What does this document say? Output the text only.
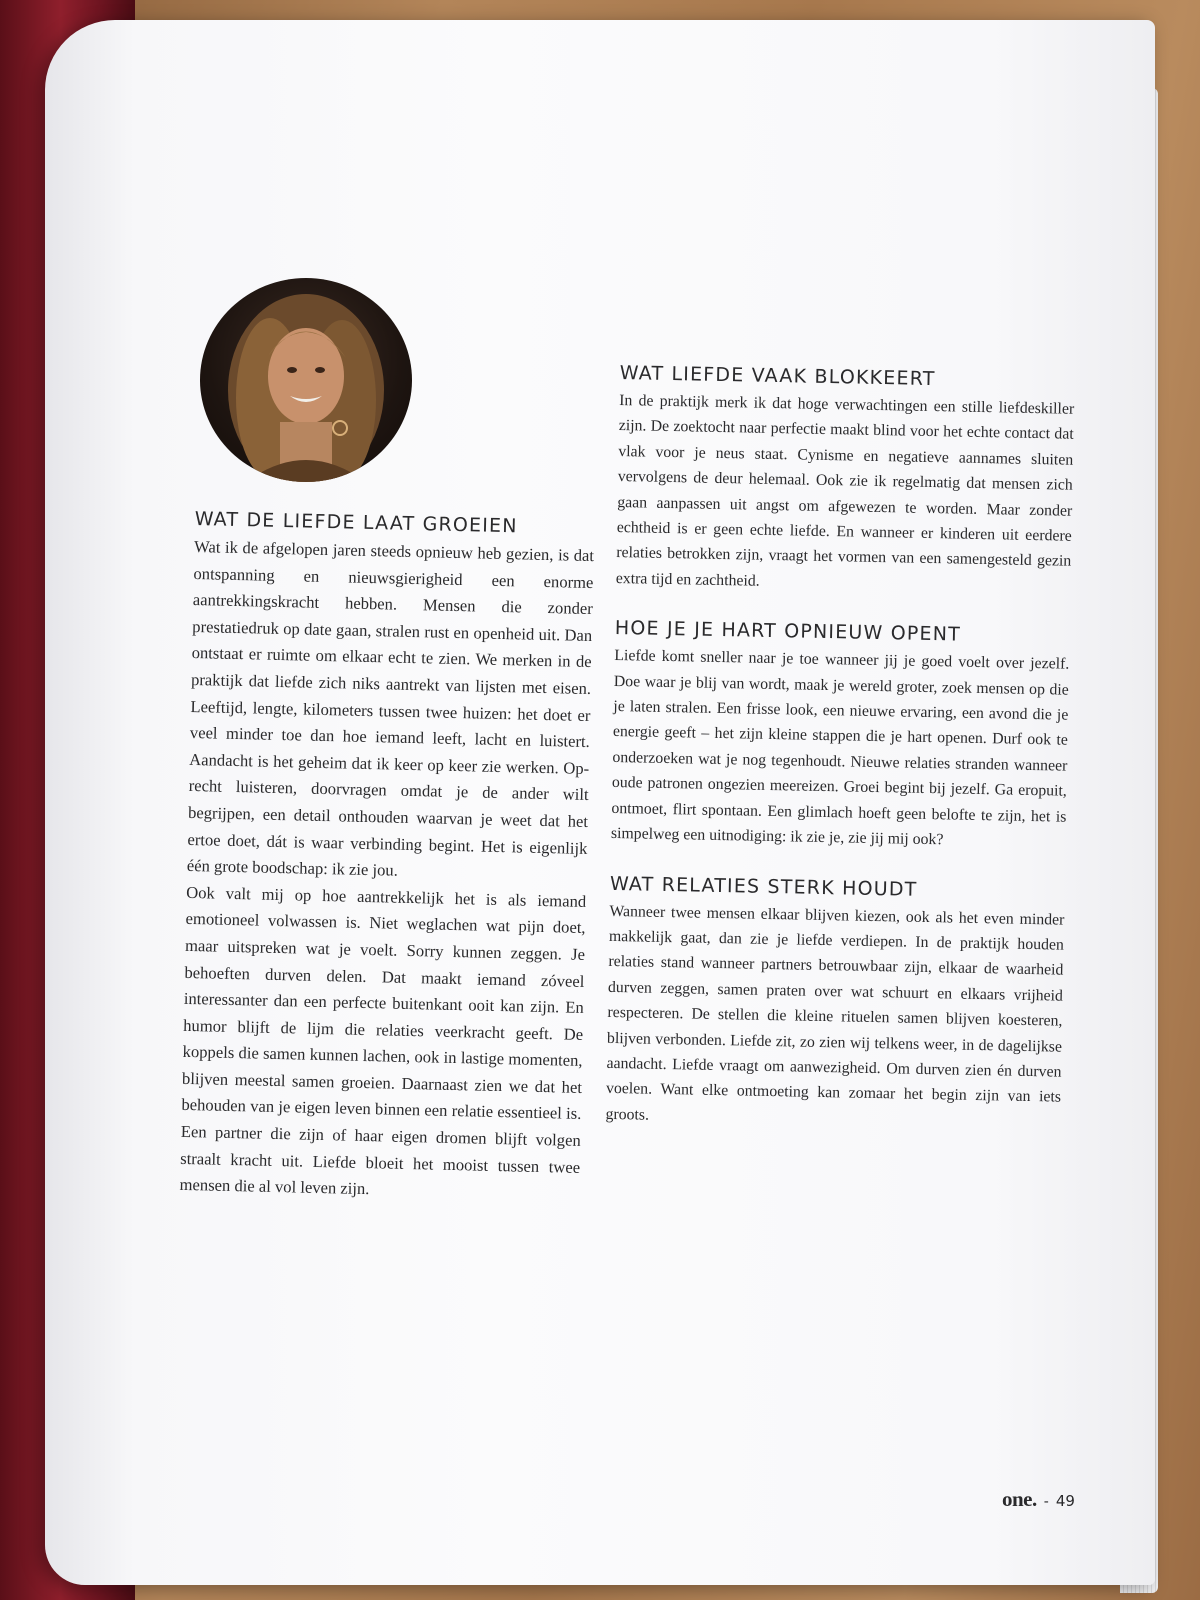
WAT DE LIEFDE LAAT GROEIEN

Wat ik de afgelopen jaren steeds opnieuw heb gezien, is dat ontspanning en nieuwsgierigheid een enorme aantrekkingskracht hebben. Mensen die zonder prestatiedruk op date gaan, stralen rust en openheid uit. Dan ontstaat er ruimte om elkaar echt te zien. We merken in de praktijk dat liefde zich niks aantrekt van lijsten met eisen. Leeftijd, lengte, kilometers tussen twee huizen: het doet er veel minder toe dan hoe iemand leeft, lacht en luistert. Aandacht is het geheim dat ik keer op keer zie werken. Oprecht luisteren, doorvragen omdat je de ander wilt begrijpen, een detail onthouden waarvan je weet dat het ertoe doet, dát is waar verbinding begint. Het is eigenlijk één grote boodschap: ik zie jou.

Ook valt mij op hoe aantrekkelijk het is als iemand emotioneel volwassen is. Niet weglachen wat pijn doet, maar uitspreken wat je voelt. Sorry kunnen zeggen. Je behoeften durven delen. Dat maakt iemand zóveel interessanter dan een perfecte buitenkant ooit kan zijn. En humor blijft de lijm die relaties veerkracht geeft. De koppels die samen kunnen lachen, ook in lastige momenten, blijven meestal samen groeien. Daarnaast zien we dat het behouden van je eigen leven binnen een relatie essentieel is. Een partner die zijn of haar eigen dromen blijft volgen straalt kracht uit. Liefde bloeit het mooist tussen twee mensen die al vol leven zijn.

WAT LIEFDE VAAK BLOKKEERT

In de praktijk merk ik dat hoge verwachtingen een stille liefdeskiller zijn. De zoektocht naar perfectie maakt blind voor het echte contact dat vlak voor je neus staat. Cynisme en negatieve aannames sluiten vervolgens de deur helemaal. Ook zie ik regelmatig dat mensen zich gaan aanpassen uit angst om afgewezen te worden. Maar zonder echtheid is er geen echte liefde. En wanneer er kinderen uit eerdere relaties betrokken zijn, vraagt het vormen van een samengesteld gezin extra tijd en zachtheid.

HOE JE JE HART OPNIEUW OPENT

Liefde komt sneller naar je toe wanneer jij je goed voelt over jezelf. Doe waar je blij van wordt, maak je wereld groter, zoek mensen op die je laten stralen. Een frisse look, een nieuwe ervaring, een avond die je energie geeft – het zijn kleine stappen die je hart openen. Durf ook te onderzoeken wat je nog tegenhoudt. Nieuwe relaties stranden wanneer oude patronen ongezien meereizen. Groei begint bij jezelf. Ga eropuit, ontmoet, flirt spontaan. Een glimlach hoeft geen belofte te zijn, het is simpelweg een uitnodiging: ik zie je, zie jij mij ook?

WAT RELATIES STERK HOUDT

Wanneer twee mensen elkaar blijven kiezen, ook als het even minder makkelijk gaat, dan zie je liefde verdiepen. In de praktijk houden relaties stand wanneer partners betrouwbaar zijn, elkaar de waarheid durven zeggen, samen praten over wat schuurt en elkaars vrijheid respecteren. De stellen die kleine rituelen samen blijven koesteren, blijven verbonden. Liefde zit, zo zien wij telkens weer, in de dagelijkse aandacht. Liefde vraagt om aanwezigheid. Om durven zien én durven voelen. Want elke ontmoeting kan zomaar het begin zijn van iets groots.

one. - 49
